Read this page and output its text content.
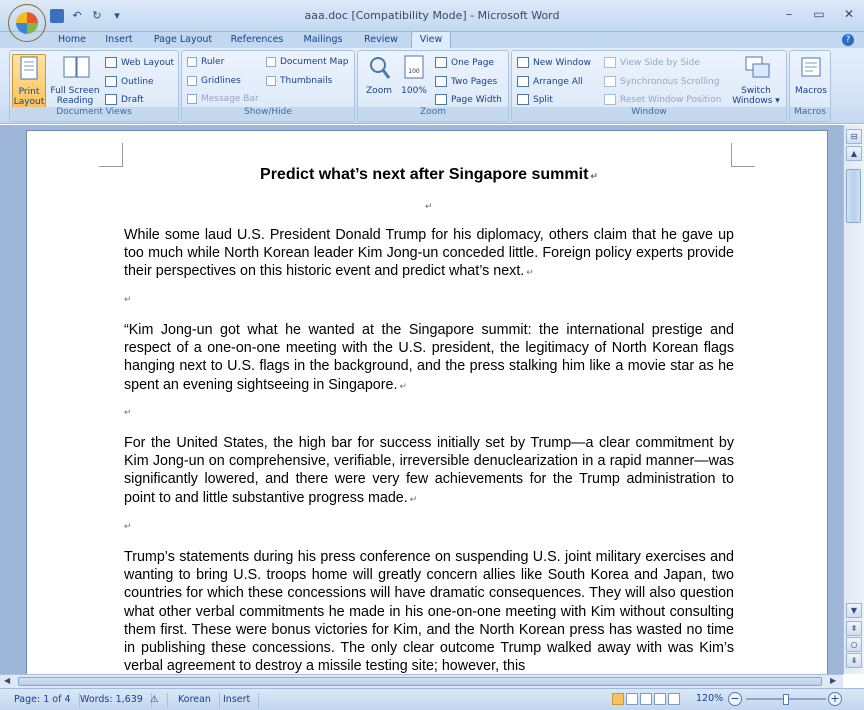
↶ ↻	▾	aaa.doc [Compatibility Mode] - Microsoft Word	–	▭	✕
Home	Insert	Page Layout	References	Mailings	Review	View	?
Print Layout
Full Screen Reading
Web Layout
Outline
Draft
Document Views
Ruler
Gridlines
Message Bar
Document Map
Thumbnails
Show/Hide
Zoom
100
100%
One Page
Two Pages
Page Width
Zoom
New Window
Arrange All
Split
View Side by Side
Synchronous Scrolling
Reset Window Position
Switch Windows ▾
Window
Macros
Macros
Predict what’s next after Singapore summit ↵
↵
While some laud U.S. President Donald Trump for his diplomacy, others claim that he gave up too much while North Korean leader Kim Jong-un conceded little. Foreign policy experts provide their perspectives on this historic event and predict what’s next. ↵
↵
“Kim Jong-un got what he wanted at the Singapore summit: the international prestige and respect of a one-on-one meeting with the U.S. president, the legitimacy of North Korean flags hanging next to U.S. flags in the background, and the press stalking him like a movie star as he spent an evening sightseeing in Singapore. ↵
↵
For the United States, the high bar for success initially set by Trump—a clear commitment by Kim Jong-un on comprehensive, verifiable, irreversible denuclearization in a rapid manner—was significantly lowered, and there were very few achievements for the Trump administration to point to and little substantive progress made. ↵
↵
Trump’s statements during his press conference on suspending U.S. joint military exercises and wanting to bring U.S. troops home will greatly concern allies like South Korea and Japan, two countries for which these concessions will have dramatic consequences. They will also question what other verbal commitments he made in his one-on-one meeting with Kim without consulting them first. These were bonus victories for Kim, and the North Korean press has wasted no time in publishing these concessions. The only clear outcome Trump walked away with was Kim’s verbal agreement to destroy a missile testing site; however, this
⊟
▲
▼
⇞
○
⇟
◀	▶
Page: 1 of 4 Words: 1,639 ⚠	Korean	Insert	120% −	+
